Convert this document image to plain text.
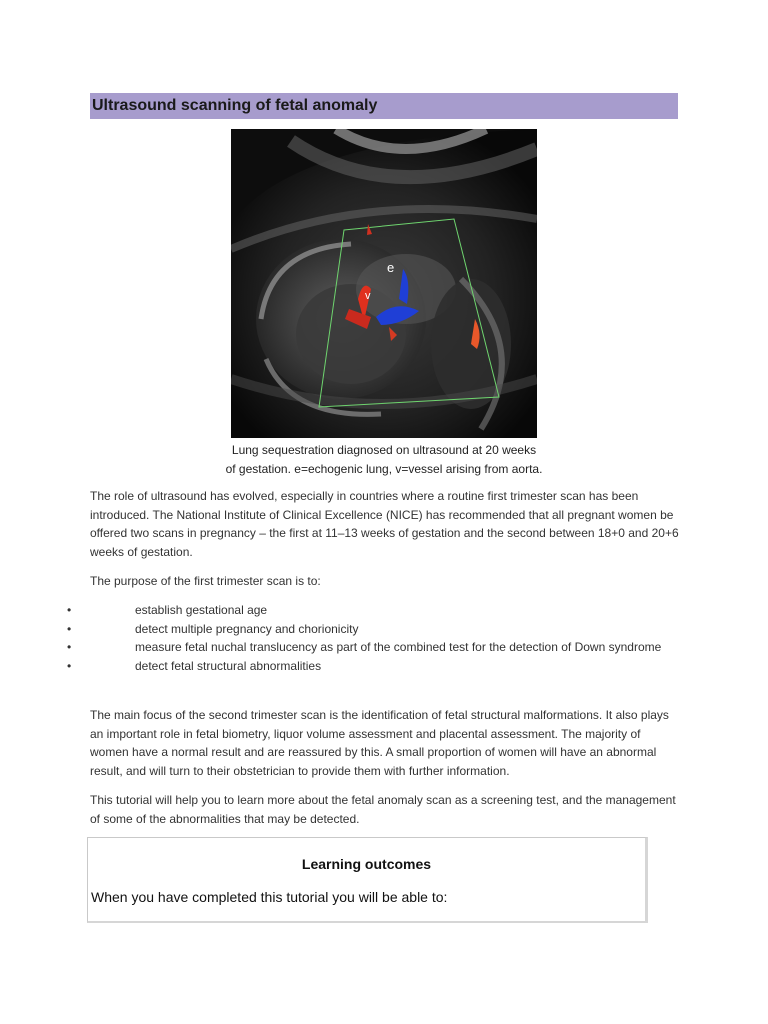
Ultrasound scanning of fetal anomaly
e
v

Lung sequestration diagnosed on ultrasound at 20 weeks

of gestation. e=echogenic lung, v=vessel arising from aorta.

The role of ultrasound has evolved, especially in countries where a routine first trimester scan has been introduced. The National Institute of Clinical Excellence (NICE) has recommended that all pregnant women be offered two scans in pregnancy – the first at 11–13 weeks of gestation and the second between 18+0 and 20+6 weeks of gestation.

The purpose of the first trimester scan is to:

•	establish gestational age
•	detect multiple pregnancy and chorionicity
•	measure fetal nuchal translucency as part of the combined test for the detection of Down syndrome
•	detect fetal structural abnormalities

The main focus of the second trimester scan is the identification of fetal structural malformations. It also plays an important role in fetal biometry, liquor volume assessment and placental assessment. The majority of women have a normal result and are reassured by this. A small proportion of women will have an abnormal result, and will turn to their obstetrician to provide them with further information.

This tutorial will help you to learn more about the fetal anomaly scan as a screening test, and the management of some of the abnormalities that may be detected.

Learning outcomes

When you have completed this tutorial you will be able to:
